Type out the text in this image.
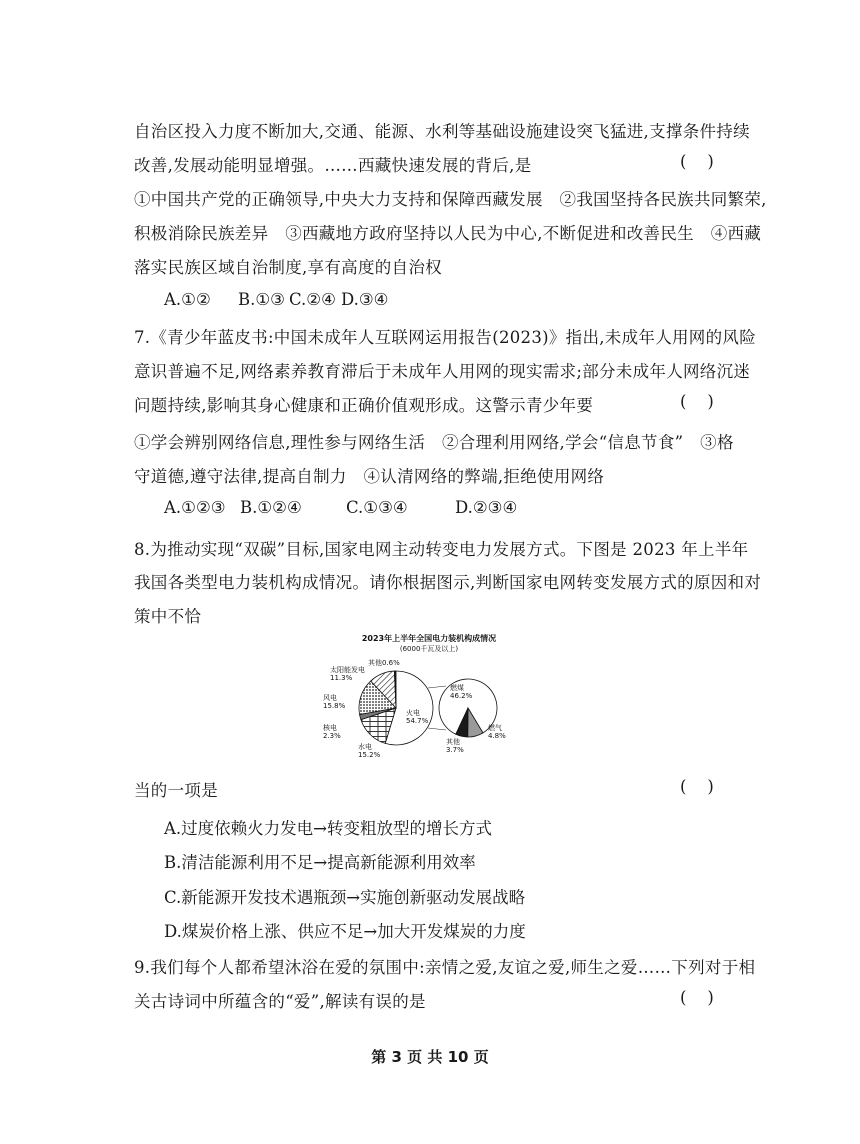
自治区投入力度不断加大,交通、能源、水利等基础设施建设突飞猛进,支撑条件持续
改善,发展动能明显增强。……西藏快速发展的背后,是	(    )
①中国共产党的正确领导,中央大力支持和保障西藏发展　②我国坚持各民族共同繁荣,
积极消除民族差异　③西藏地方政府坚持以人民为中心,不断促进和改善民生　④西藏
落实民族区域自治制度,享有高度的自治权
A.①② B.①③ C.②④ D.③④
7.《青少年蓝皮书:中国未成年人互联网运用报告(2023)》指出,未成年人用网的风险
意识普遍不足,网络素养教育滞后于未成年人用网的现实需求;部分未成年人网络沉迷
问题持续,影响其身心健康和正确价值观形成。这警示青少年要	(    )
①学会辨别网络信息,理性参与网络生活　②合理利用网络,学会“信息节食”　③格
守道德,遵守法律,提高自制力　④认清网络的弊端,拒绝使用网络
A.①②③ B.①②④	C.①③④	D.②③④
8.为推动实现“双碳”目标,国家电网主动转变电力发展方式。下图是 2023 年上半年
我国各类型电力装机构成情况。请你根据图示,判断国家电网转变发展方式的原因和对
策中不恰
2023年上半年全国电力装机构成情况
(6000千瓦及以上)
火电
54.7%
水电
15.2%
核电
2.3%
风电
15.8%
太阳能发电
11.3%
其他0.6%
燃煤
46.2%
燃气
4.8%
其他
3.7%
当的一项是	(    )
A.过度依赖火力发电→转变粗放型的增长方式
B.清洁能源利用不足→提高新能源利用效率
C.新能源开发技术遇瓶颈→实施创新驱动发展战略
D.煤炭价格上涨、供应不足→加大开发煤炭的力度
9.我们每个人都希望沐浴在爱的氛围中:亲情之爱,友谊之爱,师生之爱……下列对于相
关古诗词中所蕴含的“爱”,解读有误的是	(    )
第 3 页 共 10 页
